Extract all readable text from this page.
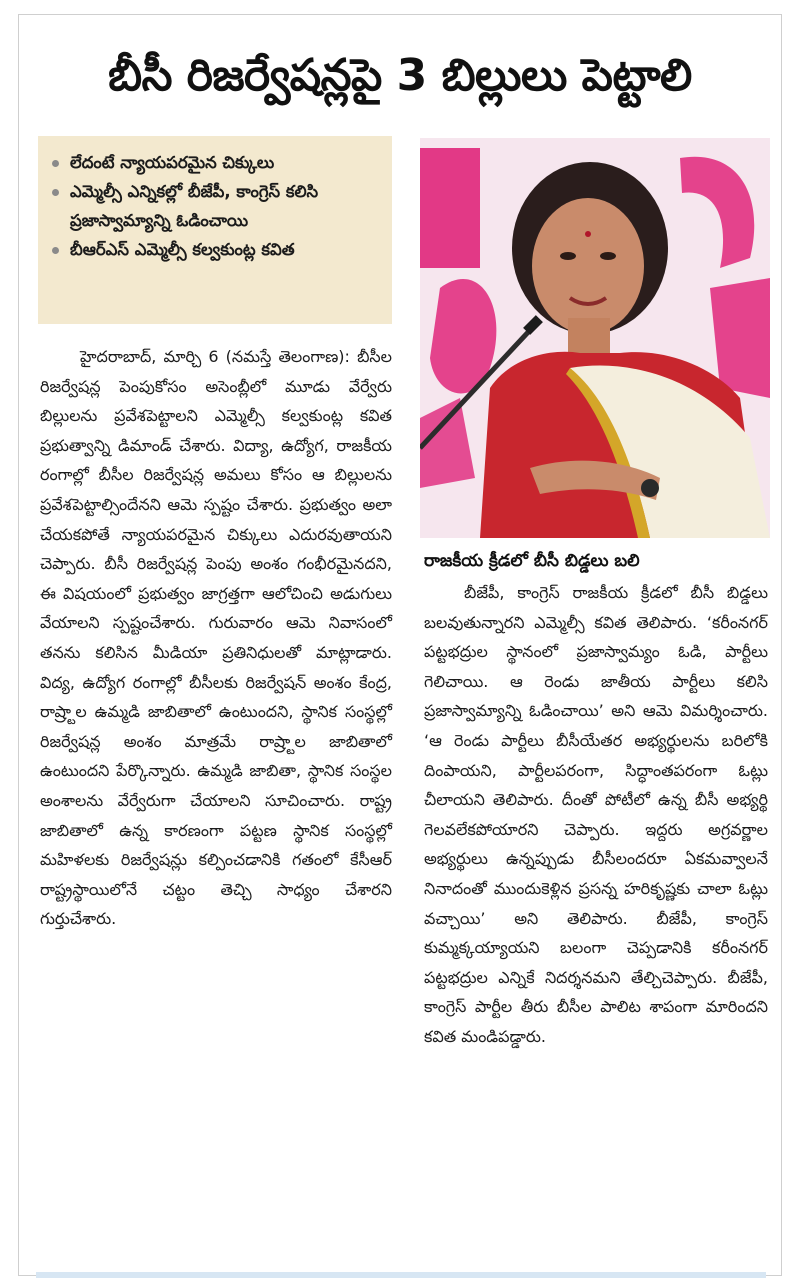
బీసీ రిజర్వేషన్లపై 3 బిల్లులు పెట్టాలి
లేదంటే న్యాయపరమైన చిక్కులు
ఎమ్మెల్సీ ఎన్నికల్లో బీజేపీ, కాంగ్రెస్ కలిసి ప్రజాస్వామ్యాన్ని ఓడించాయి
బీఆర్ఎస్ ఎమ్మెల్సీ కల్వకుంట్ల కవిత

హైదరాబాద్, మార్చి 6 (నమస్తే తెలంగాణ): బీసీల రిజర్వేషన్ల పెంపుకోసం అసెంబ్లీలో మూడు వేర్వేరు బిల్లులను ప్రవేశపెట్టాలని ఎమ్మెల్సీ కల్వకుంట్ల కవిత ప్రభుత్వాన్ని డిమాండ్ చేశారు. విద్యా, ఉద్యోగ, రాజకీయ రంగాల్లో బీసీల రిజర్వేషన్ల అమలు కోసం ఆ బిల్లులను ప్రవేశపెట్టాల్సిందేనని ఆమె స్పష్టం చేశారు. ప్రభుత్వం అలా చేయకపోతే న్యాయపరమైన చిక్కులు ఎదురవుతాయని చెప్పారు. బీసీ రిజర్వేషన్ల పెంపు అంశం గంభీరమైనదని, ఈ విషయంలో ప్రభుత్వం జాగ్రత్తగా ఆలోచించి అడుగులు వేయాలని స్పష్టంచేశారు. గురువారం ఆమె నివాసంలో తనను కలిసిన మీడియా ప్రతినిధులతో మాట్లాడారు. విద్య, ఉద్యోగ రంగాల్లో బీసీలకు రిజర్వేషన్ అంశం కేంద్ర, రాష్ర్టాల ఉమ్మడి జాబితాలో ఉంటుందని, స్థానిక సంస్థల్లో రిజర్వేషన్ల అంశం మాత్రమే రాష్ర్టాల జాబితాలో ఉంటుందని పేర్కొన్నారు. ఉమ్మడి జాబితా, స్థానిక సంస్థల అంశాలను వేర్వేరుగా చేయాలని సూచించారు. రాష్ట్ర జాబితాలో ఉన్న కారణంగా పట్టణ స్థానిక సంస్థల్లో మహిళలకు రిజర్వేషన్లు కల్పించడానికి గతంలో కేసీఆర్ రాష్ట్రస్థాయిలోనే చట్టం తెచ్చి సాధ్యం చేశారని గుర్తుచేశారు.

రాజకీయ క్రీడలో బీసీ బిడ్డలు బలి

బీజేపీ, కాంగ్రెస్ రాజకీయ క్రీడలో బీసీ బిడ్డలు బలవుతున్నారని ఎమ్మెల్సీ కవిత తెలిపారు. ‘కరీంనగర్ పట్టభద్రుల స్థానంలో ప్రజాస్వామ్యం ఓడి, పార్టీలు గెలిచాయి. ఆ రెండు జాతీయ పార్టీలు కలిసి ప్రజాస్వామ్యాన్ని ఓడించాయి’ అని ఆమె విమర్శించారు. ‘ఆ రెండు పార్టీలు బీసీయేతర అభ్యర్థులను బరిలోకి దింపాయని, పార్టీలపరంగా, సిద్ధాంతపరంగా ఓట్లు చీలాయని తెలిపారు. దీంతో పోటీలో ఉన్న బీసీ అభ్యర్థి గెలవలేకపోయారని చెప్పారు. ఇద్దరు అగ్రవర్ణాల అభ్యర్థులు ఉన్నప్పుడు బీసీలందరూ ఏకమవ్వాలనే నినాదంతో ముందుకెళ్లిన ప్రసన్న హరికృష్ణకు చాలా ఓట్లు వచ్చాయి’ అని తెలిపారు. బీజేపీ, కాంగ్రెస్ కుమ్మక్కయ్యాయని బలంగా చెప్పడానికి కరీంనగర్ పట్టభద్రుల ఎన్నికే నిదర్శనమని తేల్చిచెప్పారు. బీజేపీ, కాంగ్రెస్ పార్టీల తీరు బీసీల పాలిట శాపంగా మారిందని కవిత మండిపడ్డారు.
